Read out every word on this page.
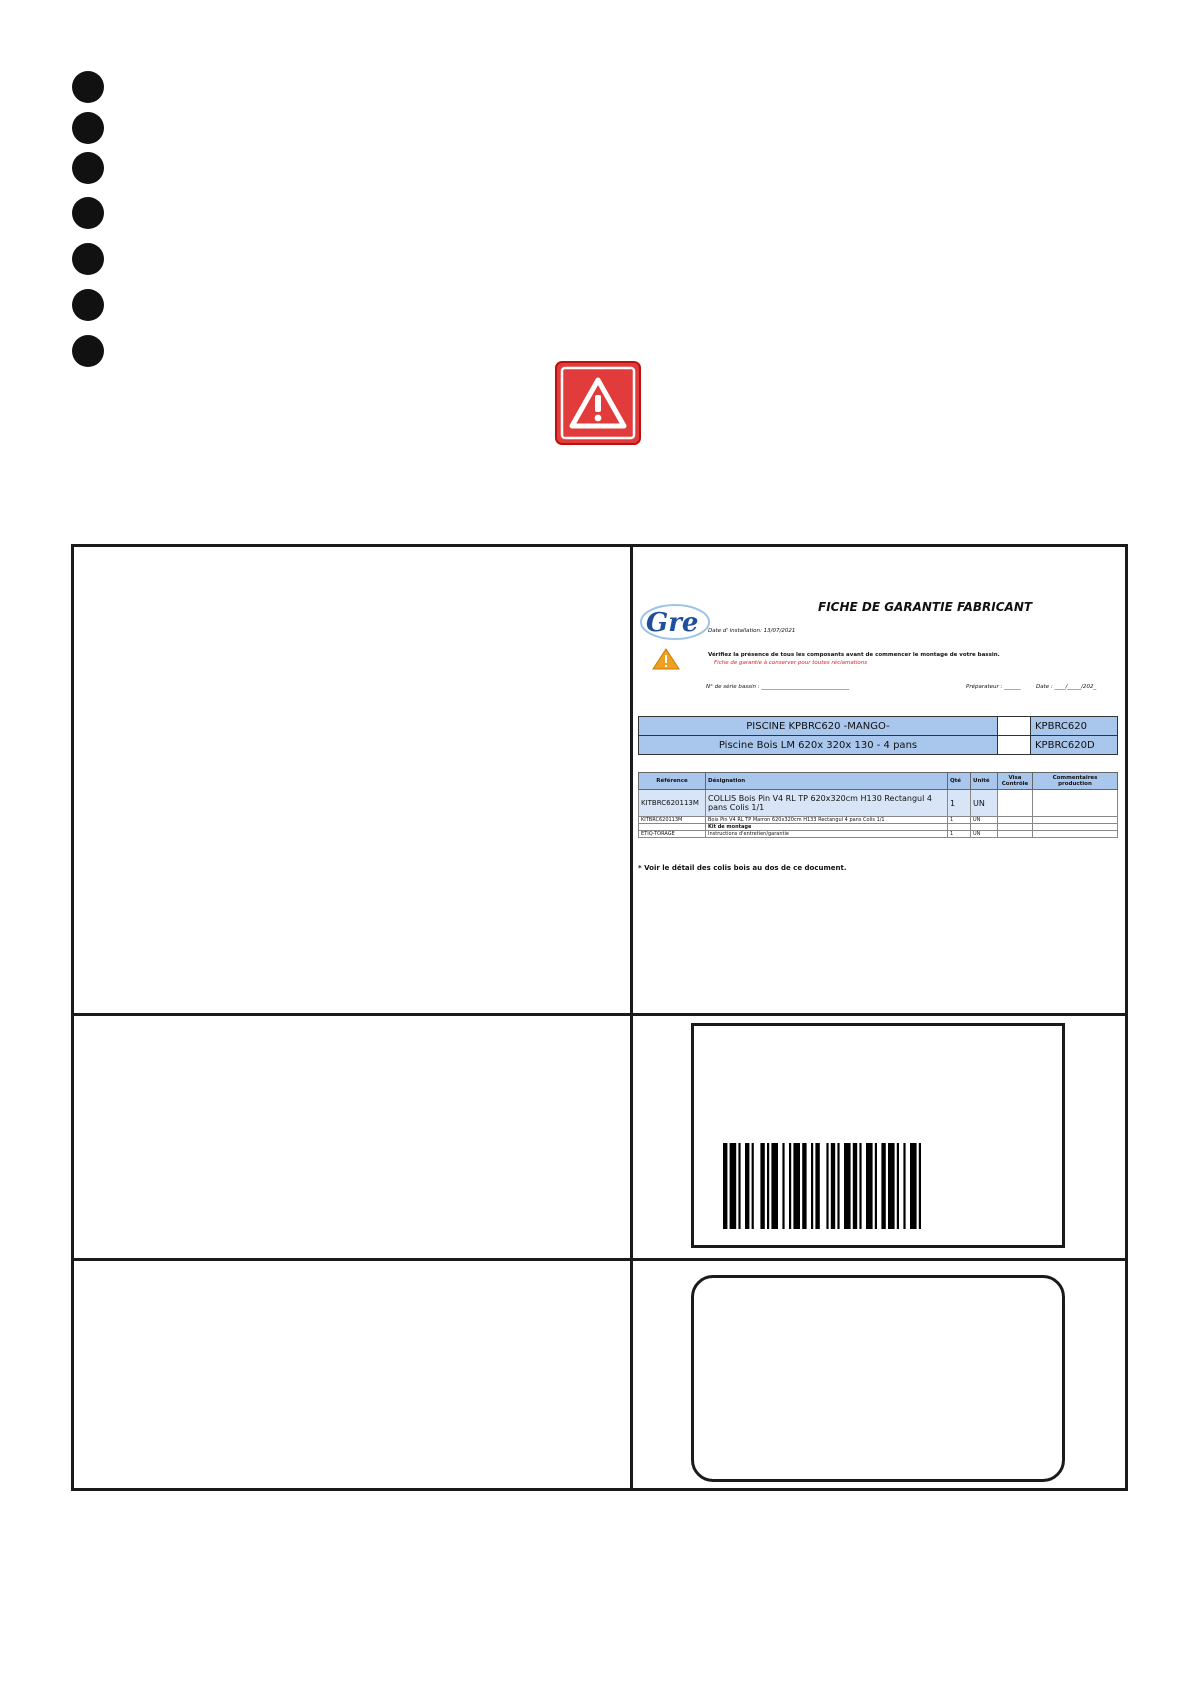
Gre
FICHE DE GARANTIE FABRICANT
Date d' installation: 13/07/2021
Vérifiez la présence de tous les composants avant de commencer le montage de votre bassin.
Fiche de garantie à conserver pour toutes réclamations
N° de série bassin : ________________________________	Préparateur : ______	Date : ____/_____/202_
PISCINE KPBRC620 -MANGO-		KPBRC620
Piscine Bois LM 620x 320x 130 - 4 pans		KPBRC620D
Référence	Désignation	Qté	Unité	Visa Contrôle	Commentaires production
KITBRC620113M	COLLIS Bois Pin V4 RL TP 620x320cm H130 Rectangul 4 pans Colis 1/1	1	UN		
KITBRC620113M	Bois Pin V4 RL TP Marron 620x320cm H133 Rectangul 4 pans Colis 1/1	1	UN		
	Kit de montage				
ETIQ-TORAGE	Instructions d'entretien/garantie	1	UN		
* Voir le détail des colis bois au dos de ce document.
